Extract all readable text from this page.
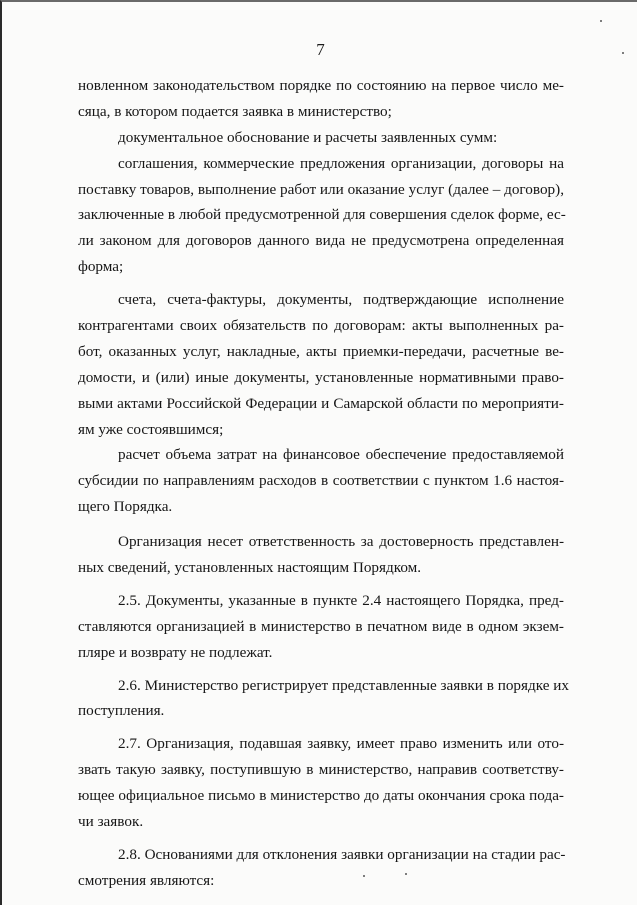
7
новленном законодательством порядке по состоянию на первое число ме-
сяца, в котором подается заявка в министерство;
документальное обоснование и расчеты заявленных сумм:
соглашения, коммерческие предложения организации, договоры на
поставку товаров, выполнение работ или оказание услуг (далее – договор),
заключенные в любой предусмотренной для совершения сделок форме, ес-
ли законом для договоров данного вида не предусмотрена определенная
форма;
счета, счета-фактуры, документы, подтверждающие исполнение
контрагентами своих обязательств по договорам: акты выполненных ра-
бот, оказанных услуг, накладные, акты приемки-передачи, расчетные ве-
домости, и (или) иные документы, установленные нормативными право-
выми актами Российской Федерации и Самарской области по мероприяти-
ям уже состоявшимся;
расчет объема затрат на финансовое обеспечение предоставляемой
субсидии по направлениям расходов в соответствии с пунктом 1.6 настоя-
щего Порядка.
Организация несет ответственность за достоверность представлен-
ных сведений, установленных настоящим Порядком.
2.5. Документы, указанные в пункте 2.4 настоящего Порядка, пред-
ставляются организацией в министерство в печатном виде в одном экзем-
пляре и возврату не подлежат.
2.6. Министерство регистрирует представленные заявки в порядке их
поступления.
2.7. Организация, подавшая заявку, имеет право изменить или ото-
звать такую заявку, поступившую в министерство, направив соответству-
ющее официальное письмо в министерство до даты окончания срока пода-
чи заявок.
2.8. Основаниями для отклонения заявки организации на стадии рас-
смотрения являются:
